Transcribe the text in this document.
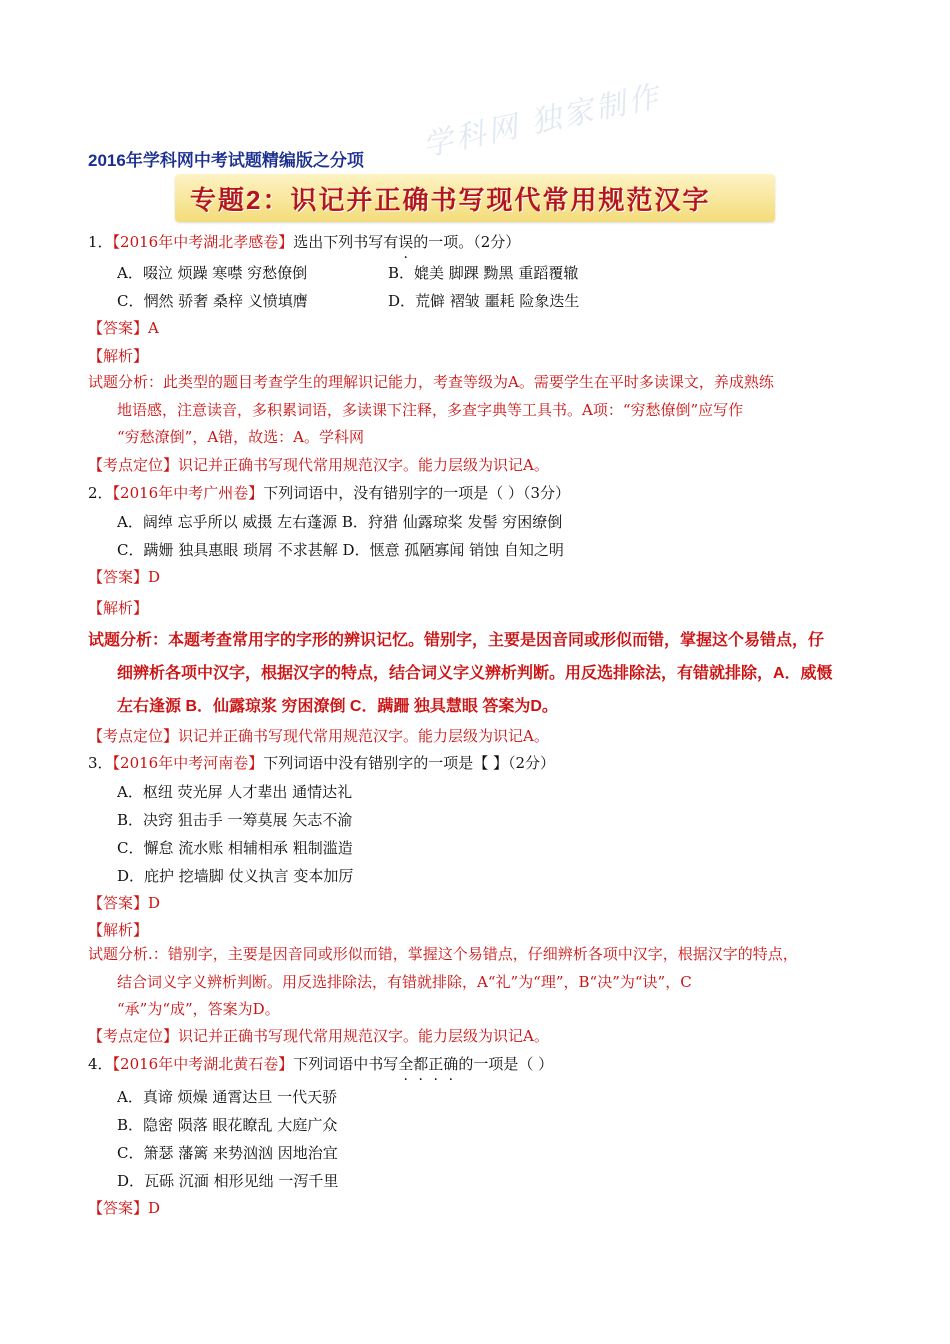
学科网 独家制作
2016年学科网中考试题精编版之分项
专题2：识记并正确书写现代常用规范汉字
1．【2016年中考湖北孝感卷】选出下列书写有误的一项。（2分）
A．啜泣 烦躁 寒噤 穷愁僚倒	B．媲美 脚踝 黝黑 重蹈覆辙
C．惘然 骄奢 桑梓 义愤填膺	D．荒僻 褶皱 噩耗 险象迭生
【答案】A
【解析】
试题分析：此类型的题目考查学生的理解识记能力，考查等级为A。需要学生在平时多读课文，养成熟练
地语感，注意读音，多积累词语，多读课下注释，多查字典等工具书。A项：“穷愁僚倒”应写作
“穷愁潦倒”，A错，故选：A。学科网
【考点定位】识记并正确书写现代常用规范汉字。能力层级为识记A。
2．【2016年中考广州卷】下列词语中，没有错别字的一项是（ ）（3分）
A．阔绰 忘乎所以 威摄 左右蓬源 B．狩猎 仙露琼桨 发髻 穷困缭倒
C．蹒姗 独具惠眼 琐屑 不求甚解 D．惬意 孤陋寡闻 销蚀 自知之明
【答案】D
【解析】
试题分析：本题考查常用字的字形的辨识记忆。错别字，主要是因音同或形似而错，掌握这个易错点，仔
细辨析各项中汉字，根据汉字的特点，结合词义字义辨析判断。用反选排除法，有错就排除，A．威慑
左右逢源 B．仙露琼浆 穷困潦倒 C．蹒跚 独具慧眼 答案为D。
【考点定位】识记并正确书写现代常用规范汉字。能力层级为识记A。
3．【2016年中考河南卷】下列词语中没有错别字的一项是【 】（2分）
A．枢纽 荧光屏 人才辈出 通情达礼
B．决窍 狙击手 一筹莫展 矢志不渝
C．懈怠 流水账 相辅相承 粗制滥造
D．庇护 挖墙脚 仗义执言 变本加厉
【答案】D
【解析】
试题分析.：错别字，主要是因音同或形似而错，掌握这个易错点，仔细辨析各项中汉字，根据汉字的特点，
结合词义字义辨析判断。用反选排除法，有错就排除，A“礼”为“理”，B“决”为“诀”，C
“承”为“成”，答案为D。
【考点定位】识记并正确书写现代常用规范汉字。能力层级为识记A。
4．【2016年中考湖北黄石卷】下列词语中书写全都正确的一项是（ ）
A．真谛 烦燥 通霄达旦 一代天骄
B．隐密 陨落 眼花瞭乱 大庭广众
C．箫瑟 藩篱 来势汹汹 因地治宜
D．瓦砾 沉湎 相形见绌 一泻千里
【答案】D
